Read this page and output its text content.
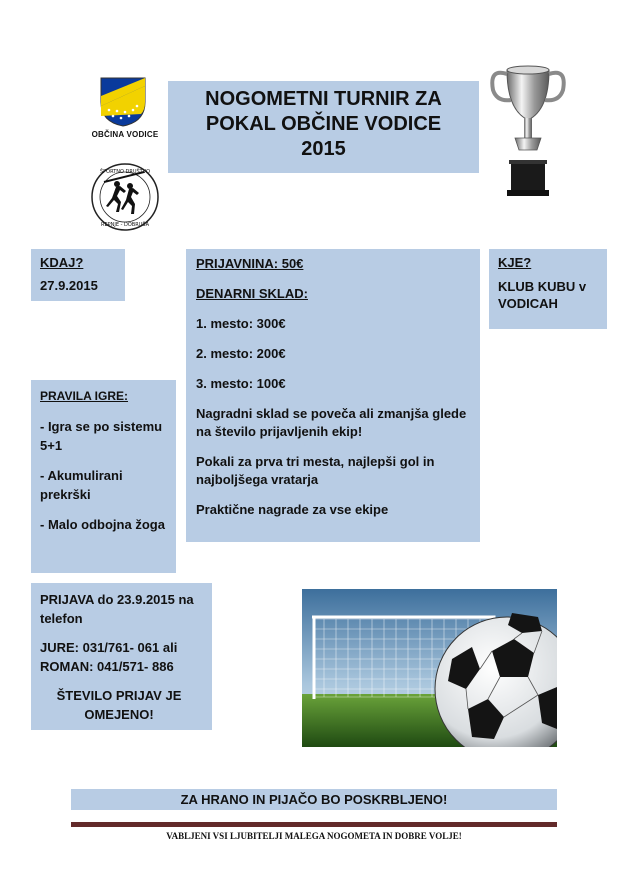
OBČINA VODICE
ŠPORTNO DRUŠTVO
REPNJE - DOBRUŠA

NOGOMETNI TURNIR ZA

POKAL OBČINE VODICE

2015

KDAJ?

27.9.2015

KJE?

KLUB KUBU v VODICAH

PRIJAVNINA: 50€

DENARNI SKLAD:

1. mesto: 300€

2. mesto: 200€

3. mesto: 100€

Nagradni sklad se poveča ali zmanjša glede na število prijavljenih ekip!

Pokali za prva tri mesta, najlepši gol in najboljšega vratarja

Praktične nagrade za vse ekipe

PRAVILA IGRE:

- Igra se po sistemu 5+1

- Akumulirani prekrški

- Malo odbojna žoga

PRIJAVA do 23.9.2015 na telefon

JURE: 031/761- 061 ali

ROMAN: 041/571- 886

ŠTEVILO PRIJAV JE OMEJENO!

ZA HRANO IN PIJAČO BO POSKRBLJENO!
VABLJENI VSI LJUBITELJI MALEGA NOGOMETA IN DOBRE VOLJE!
